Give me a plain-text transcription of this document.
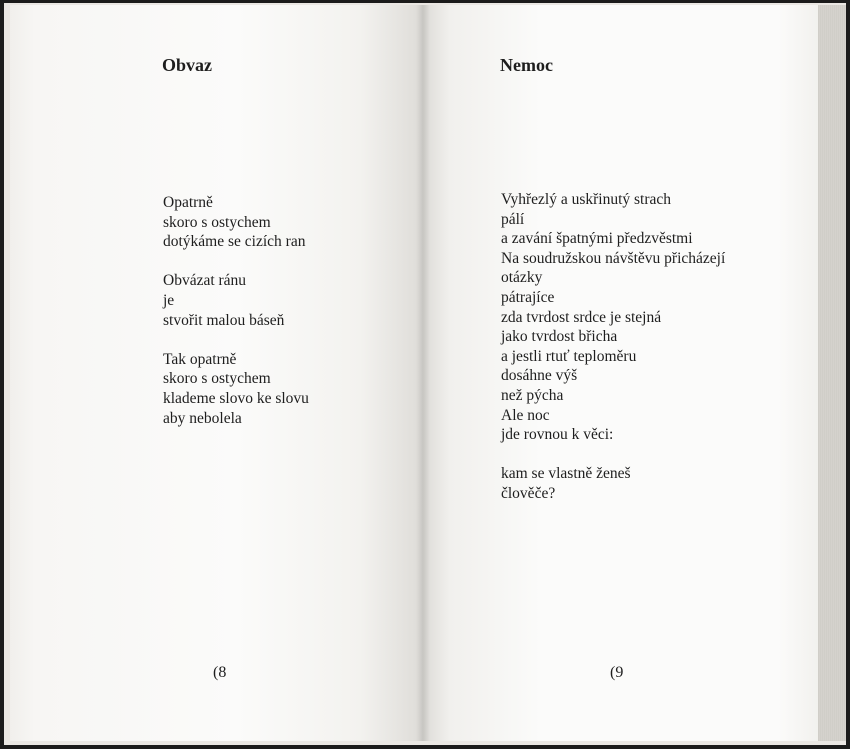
Obvaz
Opatrně
skoro s ostychem
dotýkáme se cizích ran
Obvázat ránu
je
stvořit malou báseň
Tak opatrně
skoro s ostychem
klademe slovo ke slovu
aby nebolela
(8
Nemoc
Vyhřezlý a uskřinutý strach
pálí
a zavání špatnými předzvěstmi
Na soudružskou návštěvu přicházejí
otázky
pátrajíce
zda tvrdost srdce je stejná
jako tvrdost břicha
a jestli rtuť teploměru
dosáhne výš
než pýcha
Ale noc
jde rovnou k věci:
kam se vlastně ženeš
člověče?
(9
